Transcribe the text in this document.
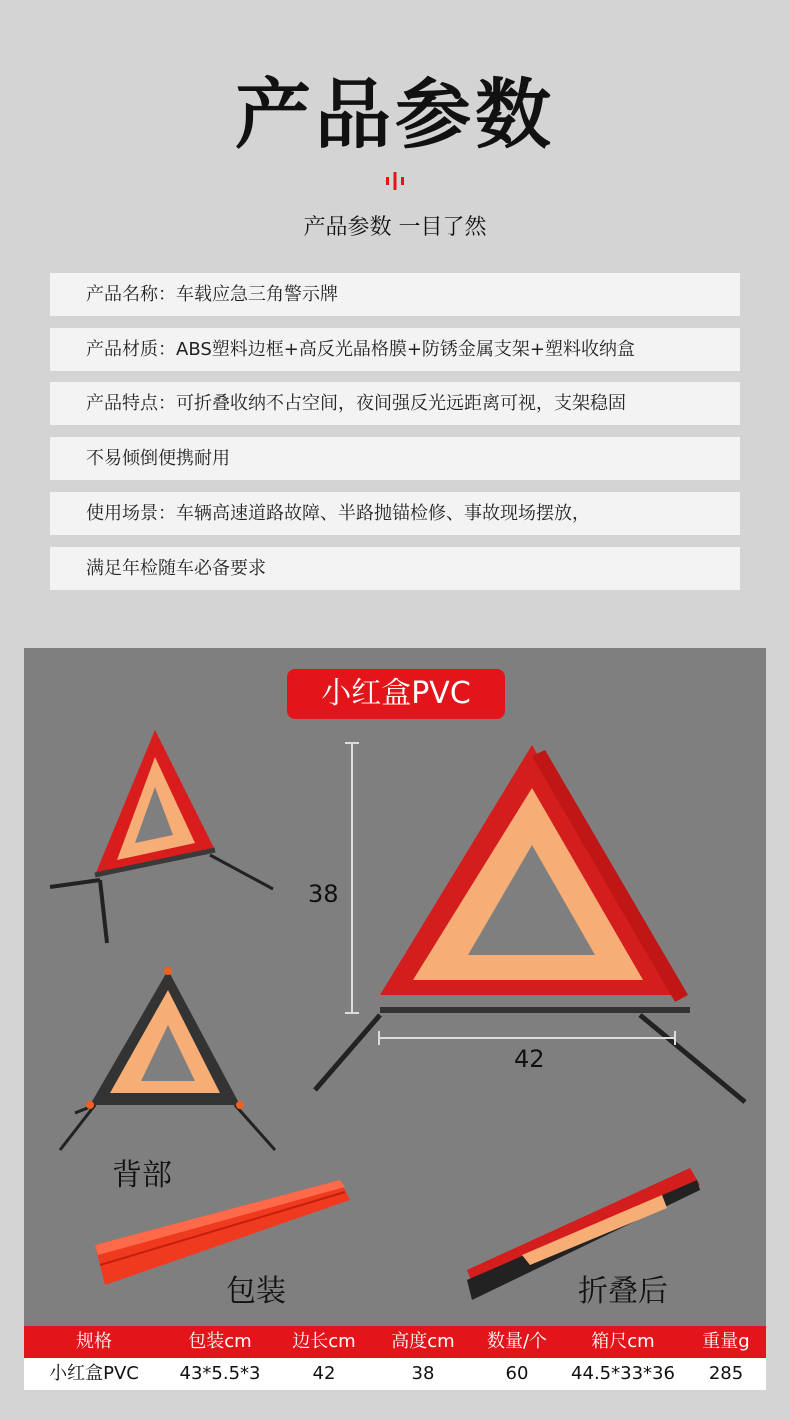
产品参数
产品参数 一目了然
产品名称：车载应急三角警示牌
产品材质：ABS塑料边框+高反光晶格膜+防锈金属支架+塑料收纳盒
产品特点：可折叠收纳不占空间，夜间强反光远距离可视，支架稳固
不易倾倒便携耐用
使用场景：车辆高速道路故障、半路抛锚检修、事故现场摆放，
满足年检随车必备要求
小红盒PVC
38
42
背部
包装	折叠后
规格	包装cm	边长cm	高度cm	数量/个	箱尺cm	重量g
小红盒PVC	43*5.5*3	42	38	60	44.5*33*36	285
